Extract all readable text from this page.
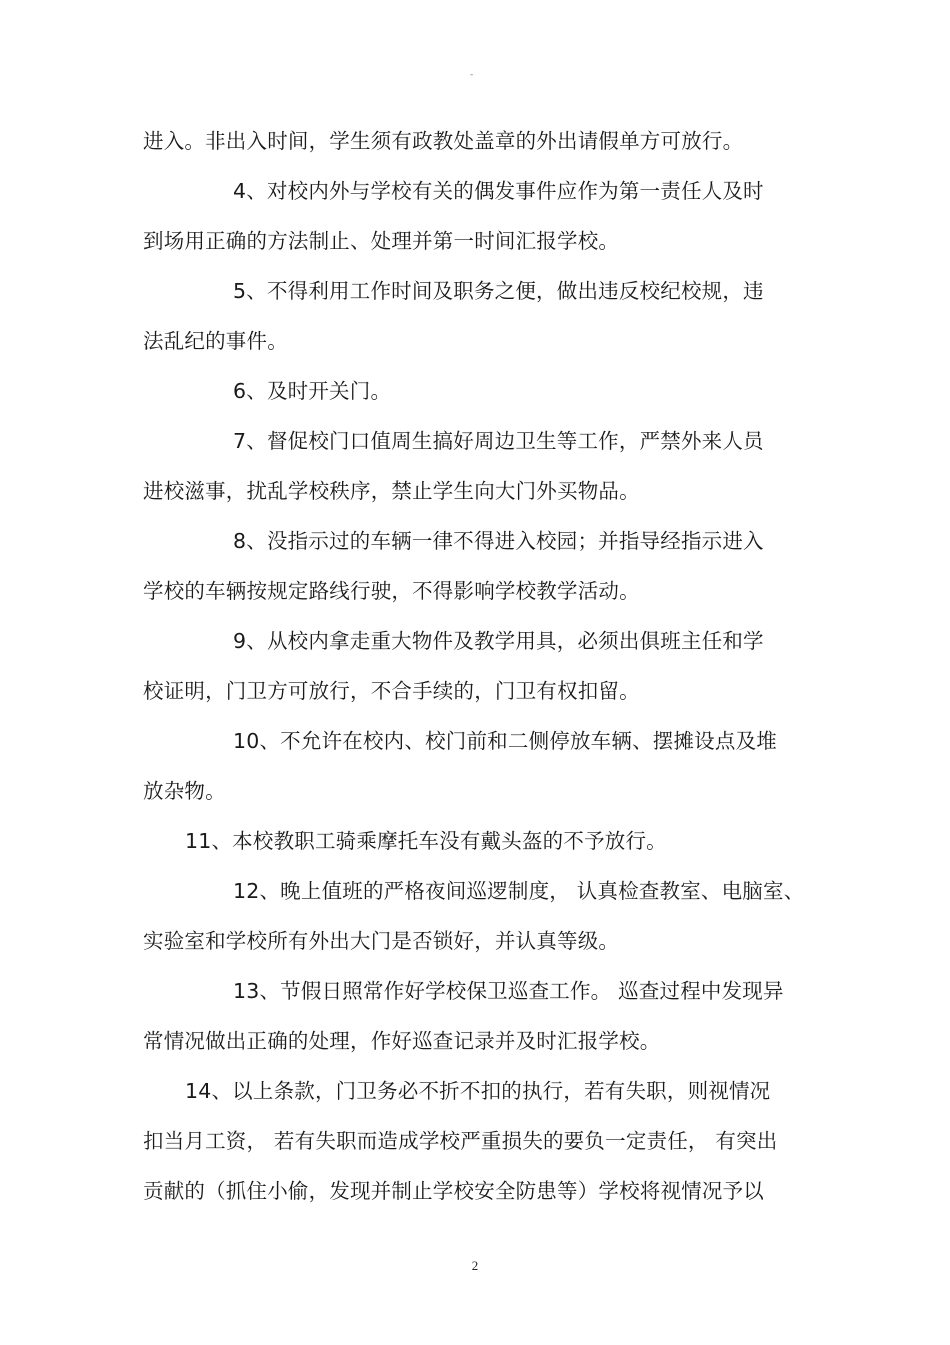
-
进入。非出入时间，学生须有政教处盖章的外出请假单方可放行。
4、对校内外与学校有关的偶发事件应作为第一责任人及时
到场用正确的方法制止、处理并第一时间汇报学校。
5、不得利用工作时间及职务之便，做出违反校纪校规，违
法乱纪的事件。
6、及时开关门。
7、督促校门口值周生搞好周边卫生等工作，严禁外来人员
进校滋事，扰乱学校秩序，禁止学生向大门外买物品。
8、没指示过的车辆一律不得进入校园；并指导经指示进入
学校的车辆按规定路线行驶，不得影响学校教学活动。
9、从校内拿走重大物件及教学用具，必须出俱班主任和学
校证明，门卫方可放行，不合手续的，门卫有权扣留。
10、不允许在校内、校门前和二侧停放车辆、摆摊设点及堆
放杂物。
11、本校教职工骑乘摩托车没有戴头盔的不予放行。
12、晚上值班的严格夜间巡逻制度， 认真检查教室、电脑室、
实验室和学校所有外出大门是否锁好，并认真等级。
13、节假日照常作好学校保卫巡查工作。 巡查过程中发现异
常情况做出正确的处理，作好巡查记录并及时汇报学校。
14、以上条款，门卫务必不折不扣的执行，若有失职，则视情况
扣当月工资， 若有失职而造成学校严重损失的要负一定责任， 有突出
贡献的（抓住小偷，发现并制止学校安全防患等）学校将视情况予以
2
